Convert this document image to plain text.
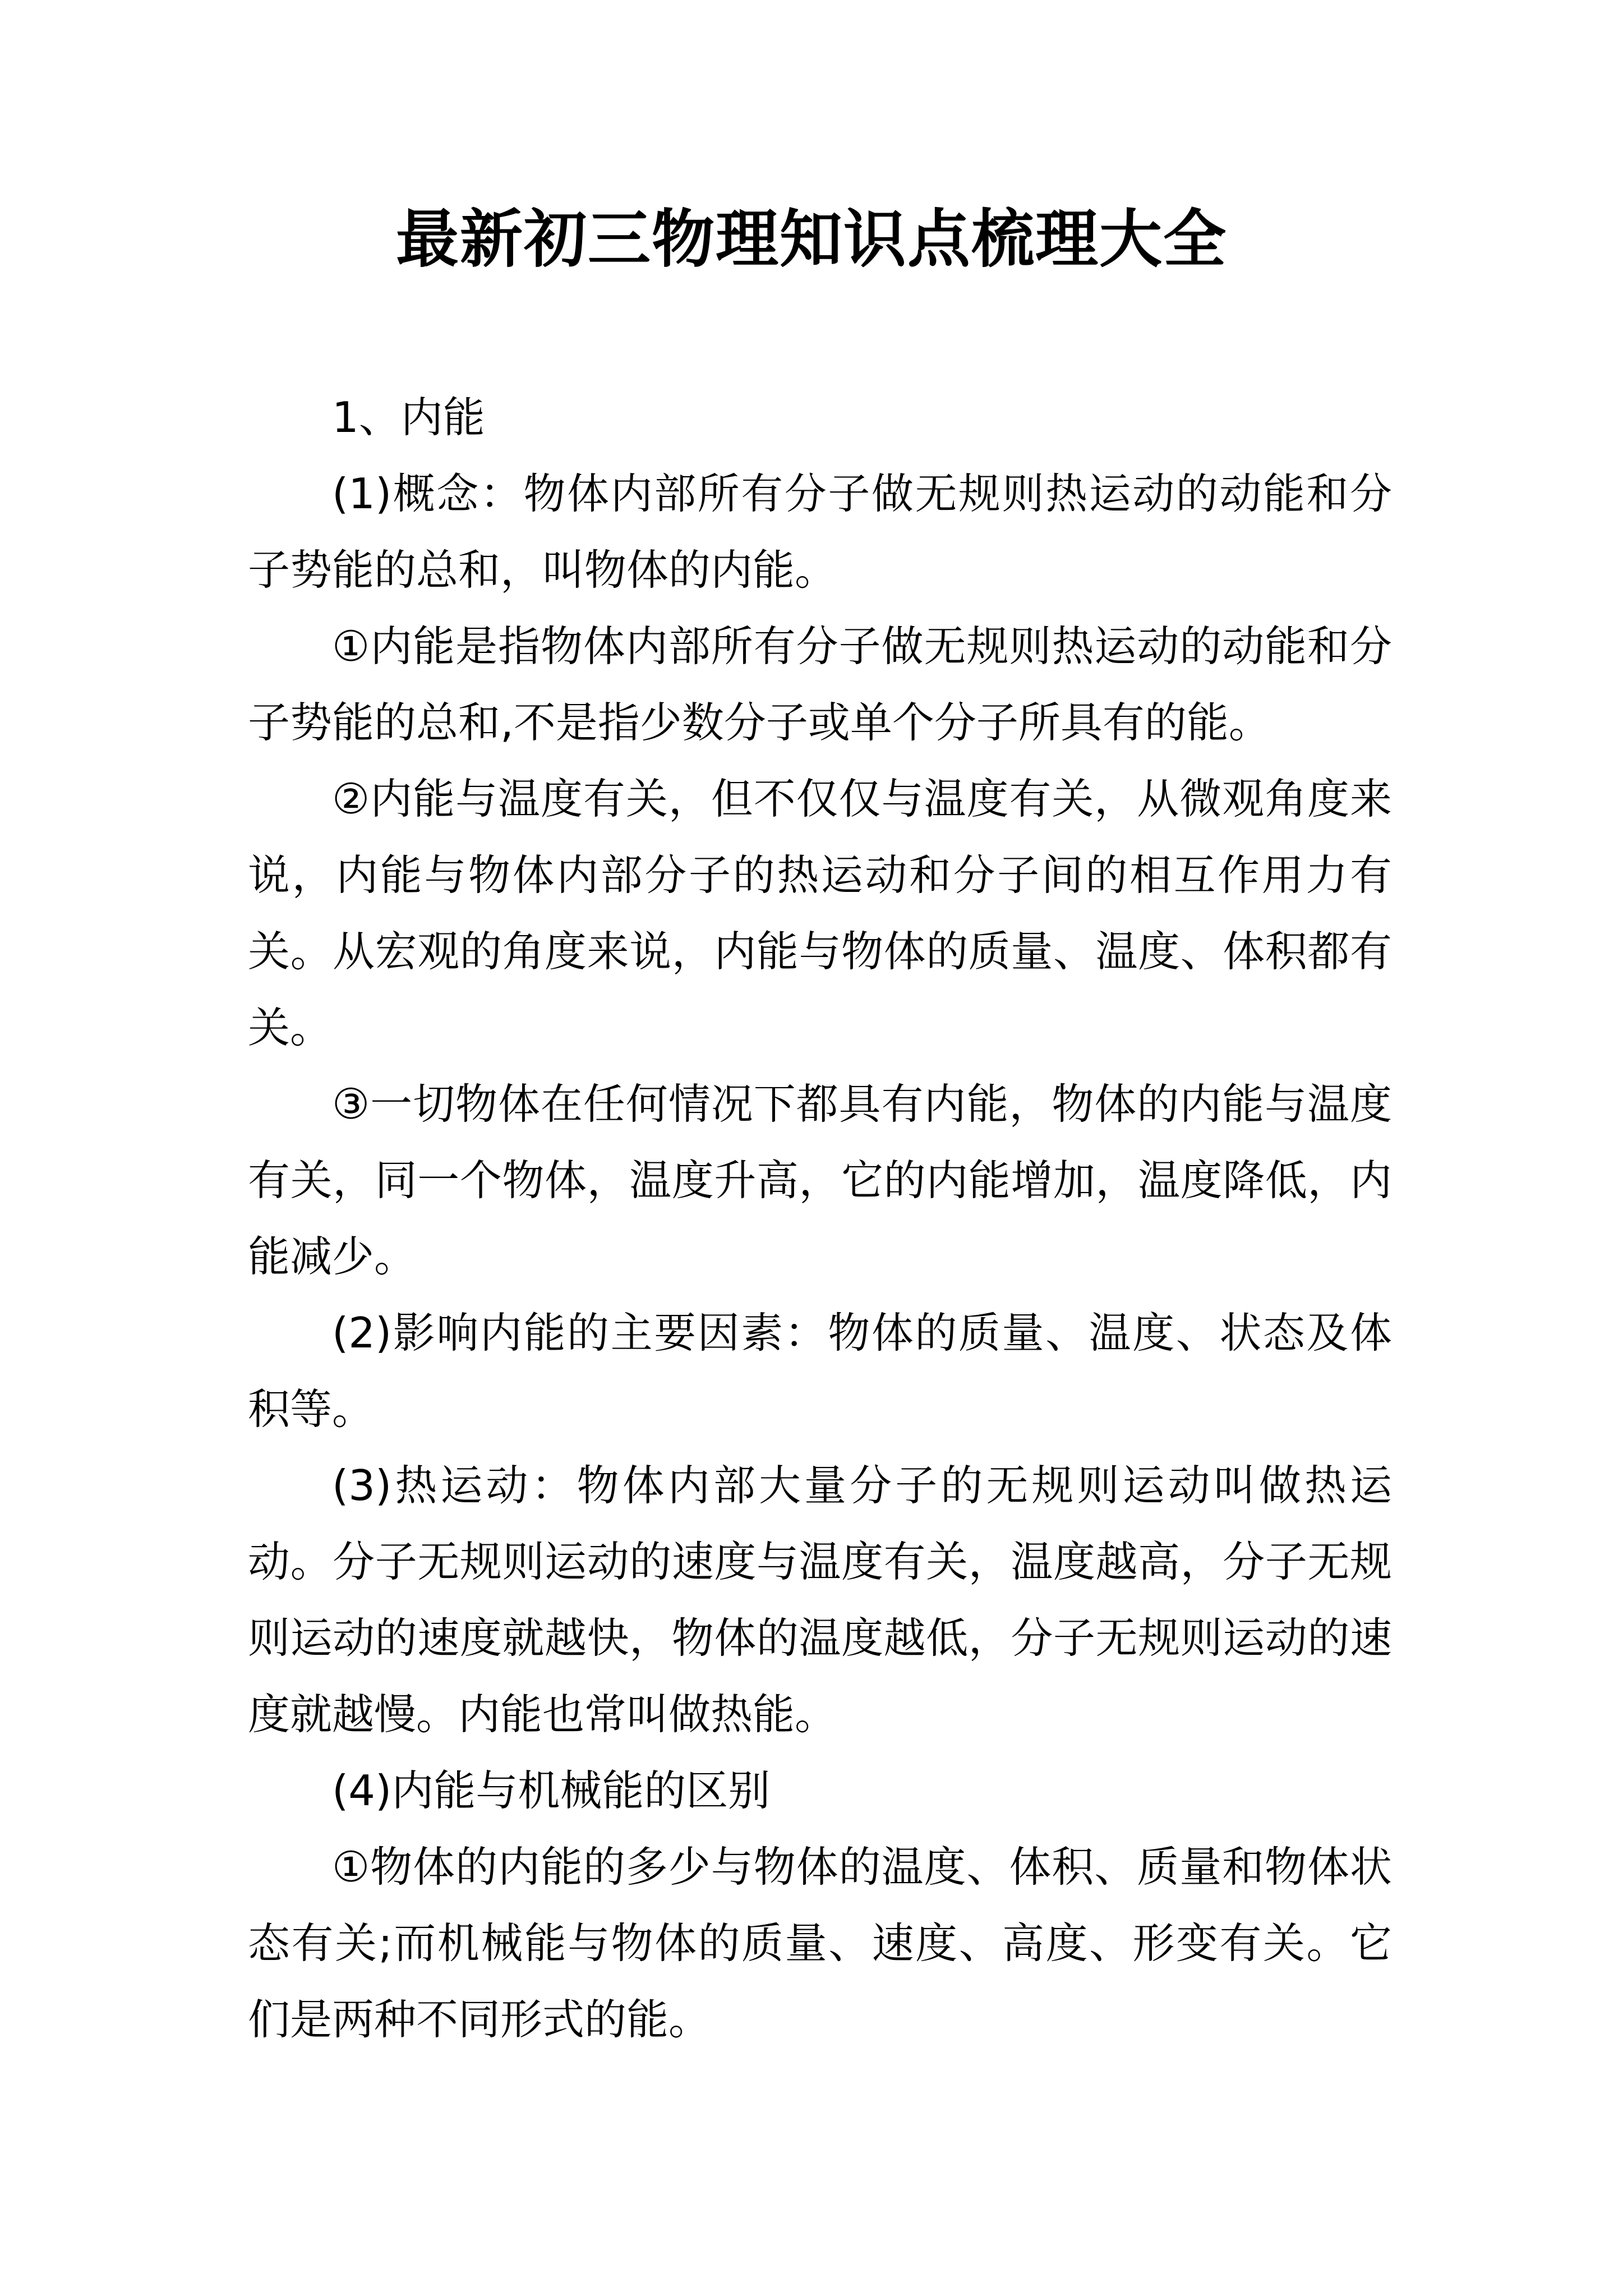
最新初三物理知识点梳理大全

1、内能

(1)概念：物体内部所有分子做无规则热运动的动能和分子势能的总和，叫物体的内能。

①内能是指物体内部所有分子做无规则热运动的动能和分子势能的总和,不是指少数分子或单个分子所具有的能。

②内能与温度有关，但不仅仅与温度有关，从微观角度来说，内能与物体内部分子的热运动和分子间的相互作用力有关。从宏观的角度来说，内能与物体的质量、温度、体积都有关。

③一切物体在任何情况下都具有内能，物体的内能与温度有关，同一个物体，温度升高，它的内能增加，温度降低，内能减少。

(2)影响内能的主要因素：物体的质量、温度、状态及体积等。

(3)热运动：物体内部大量分子的无规则运动叫做热运动。分子无规则运动的速度与温度有关，温度越高，分子无规则运动的速度就越快，物体的温度越低，分子无规则运动的速度就越慢。内能也常叫做热能。

(4)内能与机械能的区别

①物体的内能的多少与物体的温度、体积、质量和物体状态有关;而机械能与物体的质量、速度、高度、形变有关。它们是两种不同形式的能。
